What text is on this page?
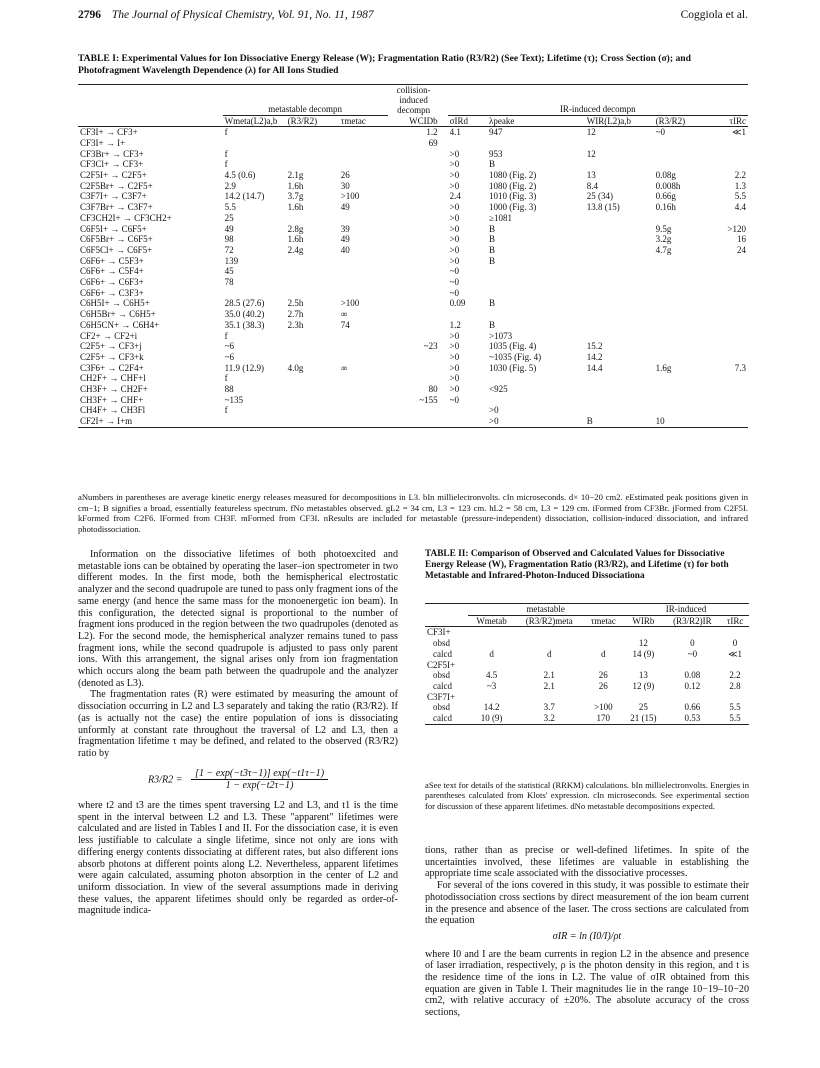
2796 The Journal of Physical Chemistry, Vol. 91, No. 11, 1987	Coggiola et al.
TABLE I: Experimental Values for Ion Dissociative Energy Release (W); Fragmentation Ratio (R3/R2) (See Text); Lifetime (τ); Cross Section (σ); and Photofragment Wavelength Dependence (λ) for All Ions Studied
	metastable decompn			collision-induced decompn	IR-induced decompn				
	Wmeta(L2)a,b	(R3/R2)	τmetac	WCIDb	σIRd	λpeake	WIR(L2)a,b	(R3/R2)	τIRc
CF3I+ → CF3+	f			1.2	4.1	947	12	~0	≪1
CF3I+ → I+				69					
CF3Br+ → CF3+	f				>0	953	12		
CF3Cl+ → CF3+	f				>0	B			
C2F5I+ → C2F5+	4.5 (0.6)	2.1g	26		>0	1080 (Fig. 2)	13	0.08g	2.2
C2F5Br+ → C2F5+	2.9	1.6h	30		>0	1080 (Fig. 2)	8.4	0.008h	1.3
C3F7I+ → C3F7+	14.2 (14.7)	3.7g	>100		2.4	1010 (Fig. 3)	25 (34)	0.66g	5.5
C3F7Br+ → C3F7+	5.5	1.6h	49		>0	1000 (Fig. 3)	13.8 (15)	0.16h	4.4
CF3CH2I+ → CF3CH2+	25				>0	≥1081			
C6F5I+ → C6F5+	49	2.8g	39		>0	B		9.5g	>120
C6F5Br+ → C6F5+	98	1.6h	49		>0	B		3.2g	16
C6F5Cl+ → C6F5+	72	2.4g	40		>0	B		4.7g	24
C6F6+ → C5F3+	139				>0	B			
C6F6+ → C5F4+	45				~0				
C6F6+ → C6F3+	78				~0				
C6F6+ → C3F3+					~0				
C6H5I+ → C6H5+	28.5 (27.6)	2.5h	>100		0.09	B			
C6H5Br+ → C6H5+	35.0 (40.2)	2.7h	∞						
C6H5CN+ → C6H4+	35.1 (38.3)	2.3h	74		1.2	B			
CF2+ → CF2+i	f				>0	>1073			
C2F5+ → CF3+j	~6			~23	>0	1035 (Fig. 4)	15.2		
C2F5+ → CF3+k	~6				>0	~1035 (Fig. 4)	14.2		
C3F6+ → C2F4+	11.9 (12.9)	4.0g	∞		>0	1030 (Fig. 5)	14.4	1.6g	7.3
CH2F+ → CHF+l	f				>0				
CH3F+ → CH2F+	88			80	>0	<925			
CH3F+ → CHF+	~135			~155	~0				
CH4F+ → CH3Fl	f					>0			
CF2I+ → I+m						>0	B	10	
aNumbers in parentheses are average kinetic energy releases measured for decompositions in L3. bIn millielectronvolts. cIn microseconds. d× 10−20 cm2. eEstimated peak positions given in cm−1; B signifies a broad, essentially featureless spectrum. fNo metastables observed. gL2 = 34 cm, L3 = 123 cm. hL2 = 58 cm, L3 = 129 cm. iFormed from CF3Br. jFormed from C2F5I. kFormed from C2F6. lFormed from CH3F. mFormed from CF3I. nResults are included for metastable (pressure-independent) dissociation, collision-induced dissociation, and infrared photodissociation.

Information on the dissociative lifetimes of both photoexcited and metastable ions can be obtained by operating the laser–ion spectrometer in two different modes. In the first mode, both the hemispherical electrostatic analyzer and the second quadrupole are tuned to pass only fragment ions of the same energy (and hence the same mass for the monoenergetic ion beam). In this configuration, the detected signal is proportional to the number of fragment ions produced in the region between the two quadrupoles (denoted as L2). For the second mode, the hemispherical analyzer remains tuned to pass fragment ions, while the second quadrupole is adjusted to pass only parent ions. With this arrangement, the signal arises only from ion fragmentation which occurs along the beam path between the quadrupole and the analyzer (denoted as L3).

The fragmentation rates (R) were estimated by measuring the amount of dissociation occurring in L2 and L3 separately and taking the ratio (R3/R2). If (as is actually not the case) the entire population of ions is dissociating unformly at constant rate throughout the traversal of L2 and L3, then a fragmentation lifetime τ may be defined, and related to the observed (R3/R2) ratio by

$R3/R2 = \frac{[1 - \exp(-t3\tau-1)] \exp(-t1\tau-1)}{1 - \exp(-t2\tau-1)}$

where t2 and t3 are the times spent traversing L2 and L3, and t1 is the time spent in the interval between L2 and L3. These "apparent" lifetimes were calculated and are listed in Tables I and II. For the dissociation case, it is even less justifiable to calculate a single lifetime, since not only are ions with differing energy contents dissociating at different rates, but also different ions absorb photons at different points along L2. Nevertheless, apparent lifetimes were again calculated, assuming photon absorption in the center of L2 and uniform dissociation. In view of the several assumptions made in deriving these values, the apparent lifetimes should only be regarded as order-of-magnitude indica-

TABLE II: Comparison of Observed and Calculated Values for Dissociative Energy Release (W), Fragmentation Ratio (R3/R2), and Lifetime (τ) for both Metastable and Infrared-Photon-Induced Dissociationa
	metastable			IR-induced		
	Wmetab	(R3/R2)meta	τmetac	WIRb	(R3/R2)IR	τIRc
CF3I+						
obsd				12	0	0
calcd	d	d	d	14 (9)	~0	≪1
C2F5I+						
obsd	4.5	2.1	26	13	0.08	2.2
calcd	~3	2.1	26	12 (9)	0.12	2.8
C3F7I+						
obsd	14.2	3.7	>100	25	0.66	5.5
calcd	10 (9)	3.2	170	21 (15)	0.53	5.5
aSee text for details of the statistical (RRKM) calculations. bIn millielectronvolts. Energies in parentheses calculated from Klots' expression. cIn microseconds. See experimental section for discussion of these apparent lifetimes. dNo metastable decompositions expected.

tions, rather than as precise or well-defined lifetimes. In spite of the uncertainties involved, these lifetimes are valuable in establishing the appropriate time scale associated with the dissociative processes.

For several of the ions covered in this study, it was possible to estimate their photodissociation cross sections by direct measurement of the ion beam current in the presence and absence of the laser. The cross sections are calculated from the equation

σIR = ln (I0/I)/ρt

where I0 and I are the beam currents in region L2 in the absence and presence of laser irradiation, respectively, ρ is the photon density in this region, and t is the residence time of the ions in L2. The value of σIR obtained from this equation are given in Table I. Their magnitudes lie in the range 10−19–10−20 cm2, with relative accuracy of ±20%. The absolute accuracy of the cross sections,
